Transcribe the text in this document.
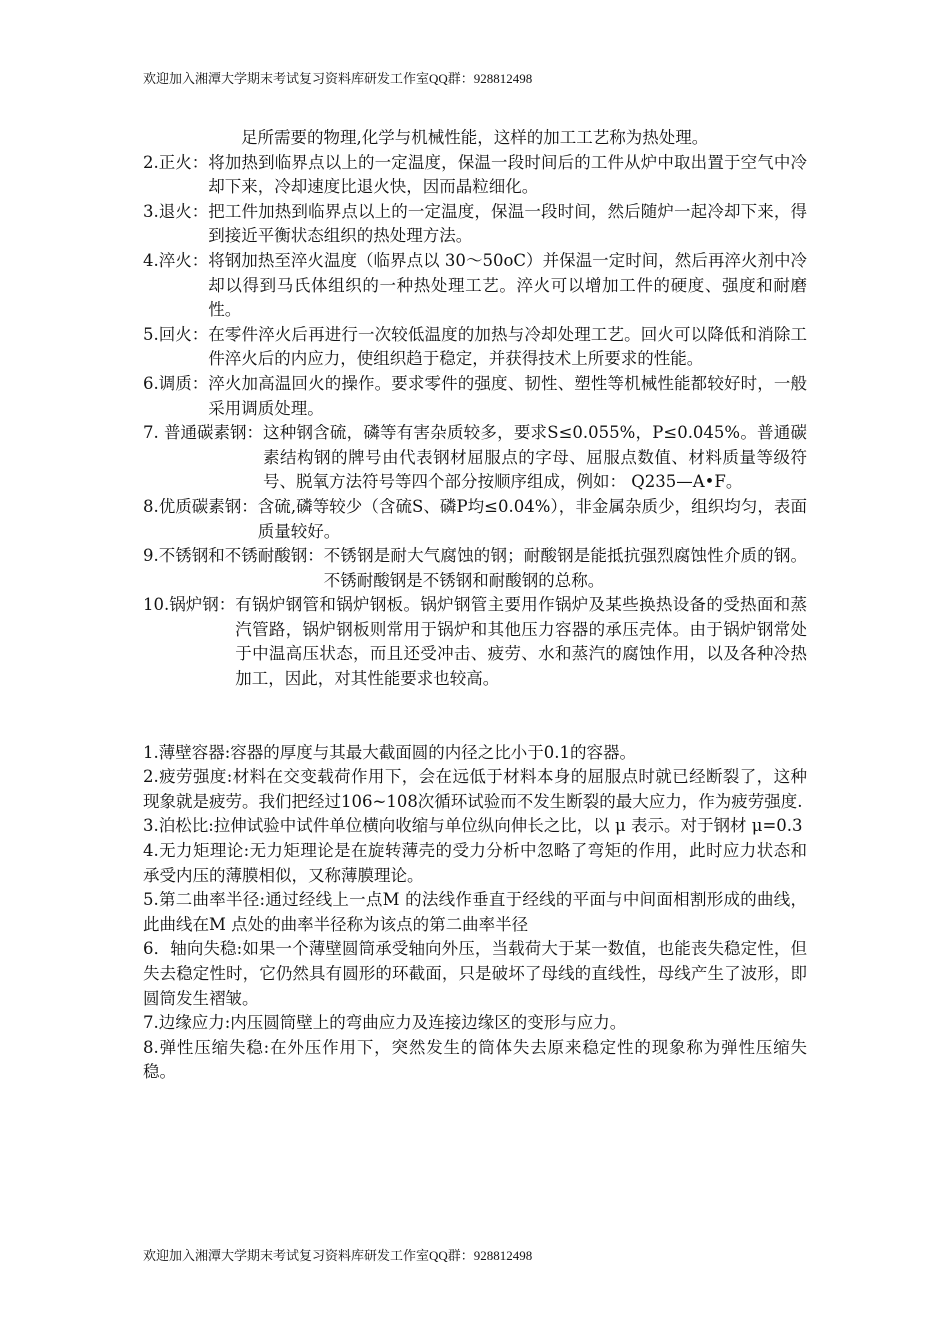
欢迎加入湘潭大学期末考试复习资料库研发工作室QQ群：928812498
足所需要的物理,化学与机械性能，这样的加工工艺称为热处理。
2.正火： 将加热到临界点以上的一定温度，保温一段时间后的工件从炉中取出置于空气中冷却下来，冷却速度比退火快，因而晶粒细化。
3.退火： 把工件加热到临界点以上的一定温度，保温一段时间，然后随炉一起冷却下来，得到接近平衡状态组织的热处理方法。
4.淬火： 将钢加热至淬火温度（临界点以 30～50oC）并保温一定时间，然后再淬火剂中冷却以得到马氏体组织的一种热处理工艺。淬火可以增加工件的硬度、强度和耐磨性。
5.回火： 在零件淬火后再进行一次较低温度的加热与冷却处理工艺。回火可以降低和消除工件淬火后的内应力，使组织趋于稳定，并获得技术上所要求的性能。
6.调质： 淬火加高温回火的操作。要求零件的强度、韧性、塑性等机械性能都较好时，一般采用调质处理。
7. 普通碳素钢： 这种钢含硫，磷等有害杂质较多，要求S≤0.055%，P≤0.045%。普通碳素结构钢的牌号由代表钢材屈服点的字母、屈服点数值、材料质量等级符号、脱氧方法符号等四个部分按顺序组成，例如： Q235—A•F。
8.优质碳素钢： 含硫,磷等较少（含硫S、磷P均≤0.04%），非金属杂质少，组织均匀，表面质量较好。
9.不锈钢和不锈耐酸钢： 不锈钢是耐大气腐蚀的钢；耐酸钢是能抵抗强烈腐蚀性介质的钢。不锈耐酸钢是不锈钢和耐酸钢的总称。
10.锅炉钢： 有锅炉钢管和锅炉钢板。锅炉钢管主要用作锅炉及某些换热设备的受热面和蒸汽管路，锅炉钢板则常用于锅炉和其他压力容器的承压壳体。由于锅炉钢常处于中温高压状态，而且还受冲击、疲劳、水和蒸汽的腐蚀作用，以及各种冷热加工，因此，对其性能要求也较高。

1.薄壁容器:容器的厚度与其最大截面圆的内径之比小于0.1的容器。

2.疲劳强度:材料在交变载荷作用下，会在远低于材料本身的屈服点时就已经断裂了，这种现象就是疲劳。我们把经过106~108次循环试验而不发生断裂的最大应力，作为疲劳强度.

3.泊松比:拉伸试验中试件单位横向收缩与单位纵向伸长之比，以 μ 表示。对于钢材 μ=0.3

4.无力矩理论:无力矩理论是在旋转薄壳的受力分析中忽略了弯矩的作用，此时应力状态和承受内压的薄膜相似，又称薄膜理论。

5.第二曲率半径:通过经线上一点M 的法线作垂直于经线的平面与中间面相割形成的曲线，此曲线在M 点处的曲率半径称为该点的第二曲率半径

6．轴向失稳:如果一个薄壁圆筒承受轴向外压，当载荷大于某一数值，也能丧失稳定性，但失去稳定性时，它仍然具有圆形的环截面，只是破坏了母线的直线性，母线产生了波形，即圆筒发生褶皱。

7.边缘应力:内压圆筒壁上的弯曲应力及连接边缘区的变形与应力。

8.弹性压缩失稳:在外压作用下，突然发生的筒体失去原来稳定性的现象称为弹性压缩失稳。

欢迎加入湘潭大学期末考试复习资料库研发工作室QQ群：928812498
